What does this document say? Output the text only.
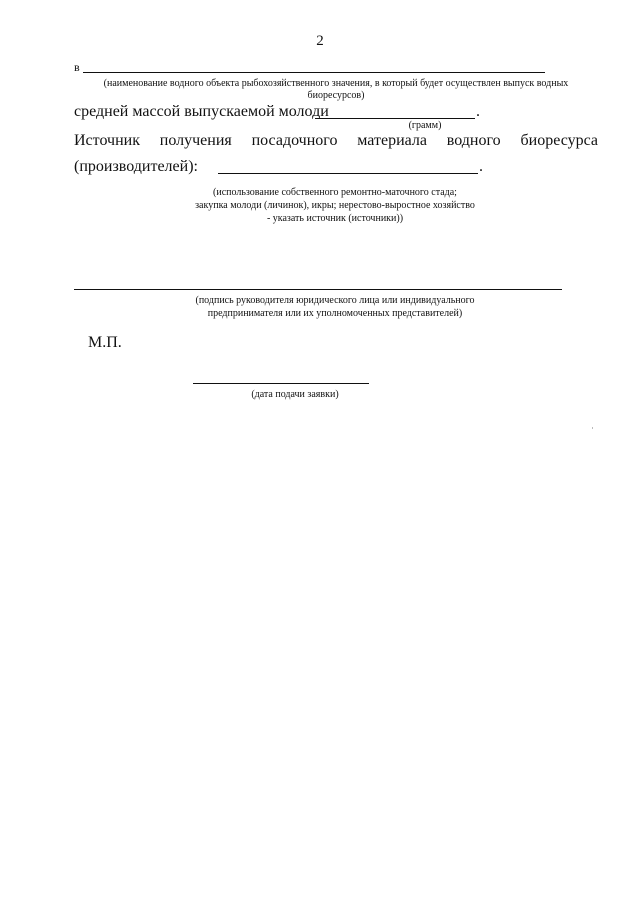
2
в
(наименование водного объекта рыбохозяйственного значения, в который будет осуществлен выпуск водных
биоресурсов)
средней массой выпускаемой молоди	.
(грамм)
Источник получения посадочного материала водного биоресурса
(производителей):	.
(использование собственного ремонтно-маточного стада;
закупка молоди (личинок), икры; нерестово-выростное хозяйство
- указать источник (источники))
(подпись руководителя юридического лица или индивидуального
предпринимателя или их уполномоченных представителей)
М.П.
(дата подачи заявки)
